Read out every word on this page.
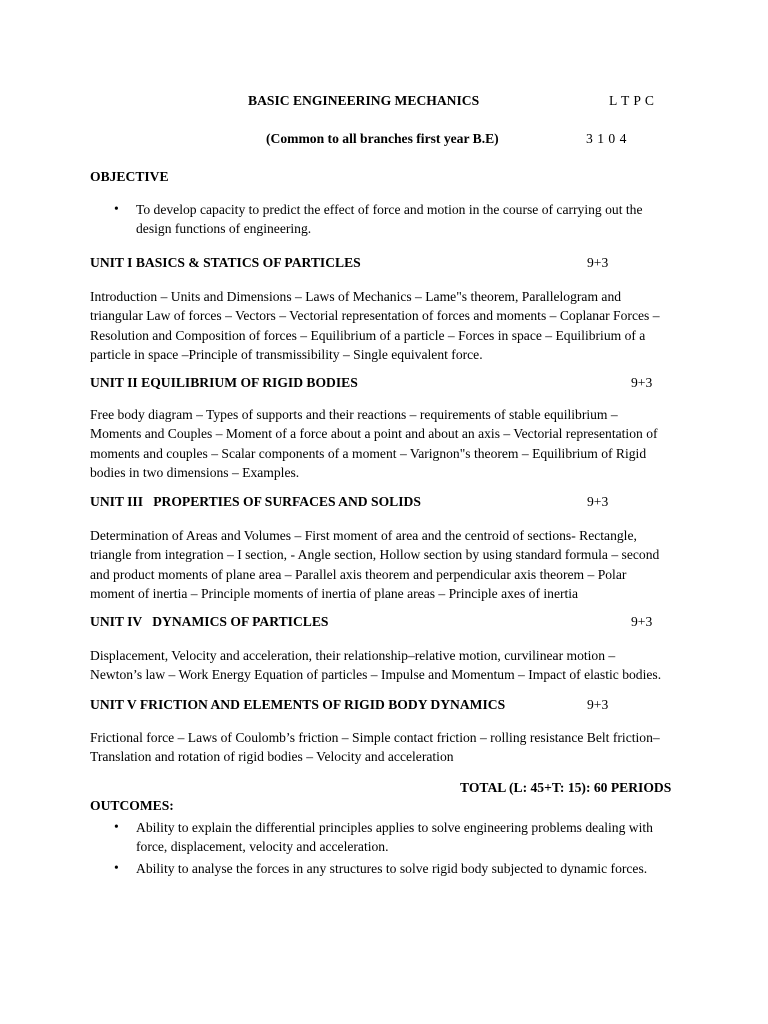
BASIC ENGINEERING MECHANICS	L T P C
(Common to all branches first year B.E)	3 1 0 4
OBJECTIVE
• To develop capacity to predict the effect of force and motion in the course of carrying out the
design functions of engineering.
UNIT I BASICS & STATICS OF PARTICLES	9+3
Introduction – Units and Dimensions – Laws of Mechanics – Lame"s theorem, Parallelogram and
triangular Law of forces – Vectors – Vectorial representation of forces and moments – Coplanar Forces –
Resolution and Composition of forces – Equilibrium of a particle – Forces in space – Equilibrium of a
particle in space –Principle of transmissibility – Single equivalent force.
UNIT II EQUILIBRIUM OF RIGID BODIES	9+3
Free body diagram – Types of supports and their reactions – requirements of stable equilibrium –
Moments and Couples – Moment of a force about a point and about an axis – Vectorial representation of
moments and couples – Scalar components of a moment – Varignon"s theorem – Equilibrium of Rigid
bodies in two dimensions – Examples.
UNIT III   PROPERTIES OF SURFACES AND SOLIDS	9+3
Determination of Areas and Volumes – First moment of area and the centroid of sections- Rectangle,
triangle from integration – I section, - Angle section, Hollow section by using standard formula – second
and product moments of plane area – Parallel axis theorem and perpendicular axis theorem – Polar
moment of inertia – Principle moments of inertia of plane areas – Principle axes of inertia
UNIT IV   DYNAMICS OF PARTICLES	9+3
Displacement, Velocity and acceleration, their relationship–relative motion, curvilinear motion –
Newton’s law – Work Energy Equation of particles – Impulse and Momentum – Impact of elastic bodies.
UNIT V FRICTION AND ELEMENTS OF RIGID BODY DYNAMICS	9+3
Frictional force – Laws of Coulomb’s friction – Simple contact friction – rolling resistance Belt friction–
Translation and rotation of rigid bodies – Velocity and acceleration
TOTAL (L: 45+T: 15): 60 PERIODS
OUTCOMES:
• Ability to explain the differential principles applies to solve engineering problems dealing with
force, displacement, velocity and acceleration.
• Ability to analyse the forces in any structures to solve rigid body subjected to dynamic forces.
